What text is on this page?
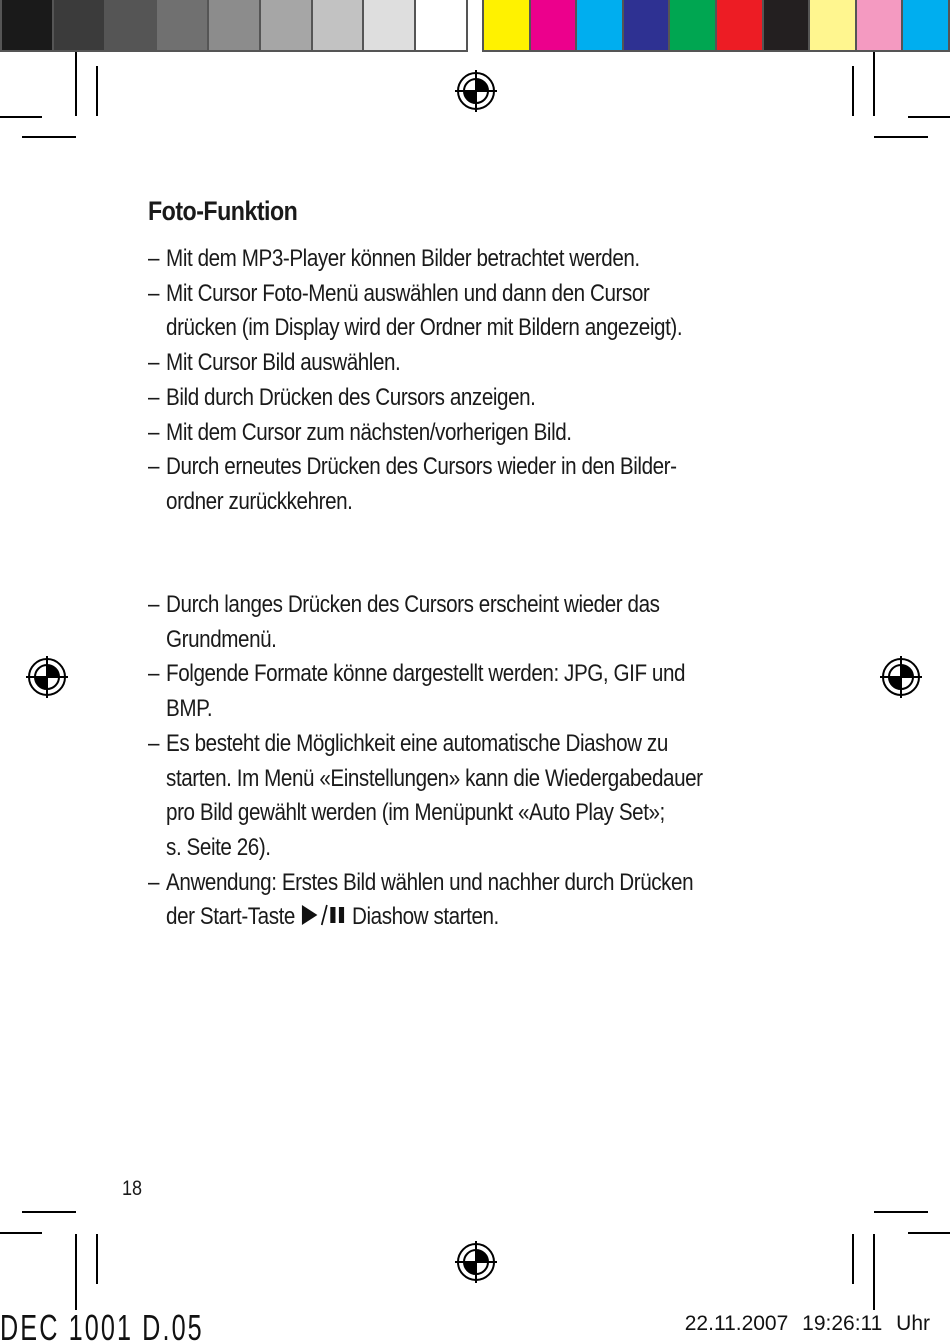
Foto-Funktion
– Mit dem MP3-Player können Bilder betrachtet werden.
– Mit Cursor Foto-Menü auswählen und dann den Cursor
drücken (im Display wird der Ordner mit Bildern angezeigt).
– Mit Cursor Bild auswählen.
– Bild durch Drücken des Cursors anzeigen.
– Mit dem Cursor zum nächsten/vorherigen Bild.
– Durch erneutes Drücken des Cursors wieder in den Bilder-
ordner zurückkehren.
– Durch langes Drücken des Cursors erscheint wieder das
Grundmenü.
– Folgende Formate könne dargestellt werden: JPG, GIF und
BMP.
– Es besteht die Möglichkeit eine automatische Diashow zu
starten. Im Menü «Einstellungen» kann die Wiedergabedauer
pro Bild gewählt werden (im Menüpunkt «Auto Play Set»;
s. Seite 26).
– Anwendung: Erstes Bild wählen und nachher durch Drücken
der Start-Taste  Diashow starten.
18
DEC 1001 D.05	22.11.2007 19:26:11 Uhr
